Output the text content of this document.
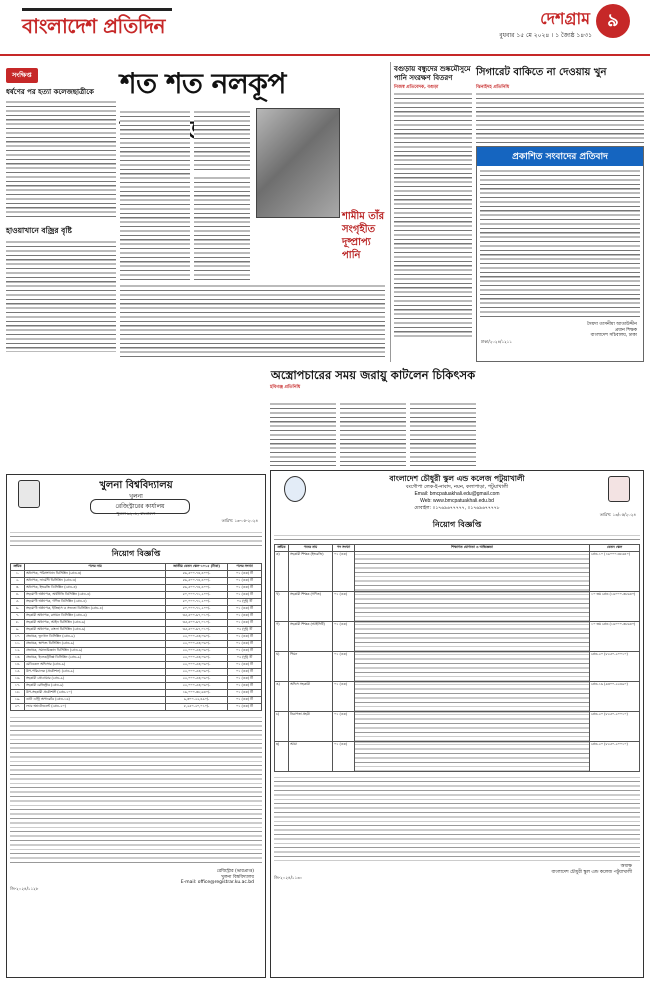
বাংলাদেশ প্রতিদিন	দেশগ্রাম ৯
বুধবার ১৫ মে ২০২৪ । ১ জ্যৈষ্ঠ ১৪৩১
সংক্ষিপ্ত
ধর্ষণের পর হত্যা কলেজছাত্রীকে
হাওয়াখানে বজ্রির বৃষ্টি
শত শত নলকূপ
শামীম তাঁর সংগৃহীত দূষ্প্রাপ্য পানি
বগুড়ায় বন্ধুদের শুষ্কমৌসুমে পানি সংরক্ষণ বিতরণ
নিজস্ব প্রতিবেদক, বগুড়া
সিগারেট বাকিতে না দেওয়ায় খুন
ঝিনাইদহ প্রতিনিধি
প্রকাশিত সংবাদের প্রতিবাদ
সৈয়দা তাসনীমা আতাউদ্দীন
প্রধান শিক্ষক
বাংলাদেশ সচিবালয়, ঢাকা
ঢাকা/২০২৪/১২১১
অস্ত্রোপচারের সময় জরায়ু কাটলেন চিকিৎসক
হবিগঞ্জ প্রতিনিধি
খুলনা বিশ্ববিদ্যালয়
খুলনা
রেজিস্ট্রারের কার্যালয়
খুলনা-৯২০৮, বাংলাদেশ
তারিখ: ১৩-০৫-২০২৪
নিয়োগ বিজ্ঞপ্তি
ক্রমিক	পদের নাম	জাতীয় বেতন স্কেল-২০১৫ (টাকা)	পদের সংখ্যা
১.	অধ্যাপক, পরিসংখ্যান ডিসিপ্লিন (গ্রেড-৩)	৫৬,৫০০-৭৪,৪০০/-	০১ (এক) টি
২.	অধ্যাপক, ফার্মেসী ডিসিপ্লিন (গ্রেড-৩)	৫৬,৫০০-৭৪,৪০০/-	০১ (এক) টি
৩.	অধ্যাপক, ইংরেজি ডিসিপ্লিন (গ্রেড-৩)	৫৬,৫০০-৭৪,৪০০/-	০১ (এক) টি
৪.	সহযোগী অধ্যাপক, অর্থনীতি ডিসিপ্লিন (গ্রেড-৪)	৫০,০০০-৭১,২০০/-	০১ (এক) টি
৫.	সহযোগী অধ্যাপক, গণিত ডিসিপ্লিন (গ্রেড-৪)	৫০,০০০-৭১,২০০/-	০২ (দুই) টি
৬.	সহযোগী অধ্যাপক, ইতিহাস ও সভ্যতা ডিসিপ্লিন (গ্রেড-৪)	৫০,০০০-৭১,২০০/-	০১ (এক) টি
৭.	সহকারী অধ্যাপক, রসায়ন ডিসিপ্লিন (গ্রেড-৬)	৩৫,৫০০-৬৭,০১০/-	০১ (এক) টি
৮.	সহকারী অধ্যাপক, আইন ডিসিপ্লিন (গ্রেড-৬)	৩৫,৫০০-৬৭,০১০/-	০১ (এক) টি
৯.	সহকারী অধ্যাপক, বাংলা ডিসিপ্লিন (গ্রেড-৬)	৩৫,৫০০-৬৭,০১০/-	০২ (দুই) টি
১০.	প্রভাষক, ভূগোল ডিসিপ্লিন (গ্রেড-৯)	২২,০০০-৫৩,০৬০/-	০১ (এক) টি
১১.	প্রভাষক, স্থাপত্য ডিসিপ্লিন (গ্রেড-৯)	২২,০০০-৫৩,০৬০/-	০১ (এক) টি
১২.	প্রভাষক, সমাজবিজ্ঞান ডিসিপ্লিন (গ্রেড-৯)	২২,০০০-৫৩,০৬০/-	০১ (এক) টি
১৩.	প্রভাষক, ইলেকট্রনিক্স ডিসিপ্লিন (গ্রেড-৯)	২২,০০০-৫৩,০৬০/-	০২ (দুই) টি
১৪.	মেডিকেল অফিসার (গ্রেড-৯)	২২,০০০-৫৩,০৬০/-	০১ (এক) টি
১৫.	উপ-পরিচালক (প্রকৌশল) (গ্রেড-৯)	২২,০০০-৫৩,০৬০/-	০১ (এক) টি
১৬.	সহকারী প্রোগ্রামার (গ্রেড-৯)	২২,০০০-৫৩,০৬০/-	০১ (এক) টি
১৭.	সহকারী রেজিস্ট্রার (গ্রেড-৯)	২২,০০০-৫৩,০৬০/-	০১ (এক) টি
১৮.	উপ-সহকারী প্রকৌশলী (গ্রেড-১০)	১৬,০০০-৩৮,৬৪০/-	০১ (এক) টি
১৯.	ডাটা এন্ট্রি অপারেটর (গ্রেড-১৬)	৯,৩০০-২২,৪৯০/-	০১ (এক) টি
২০.	ল্যাব অ্যাটেনডেন্ট (গ্রেড-২০)	৮,২৫০-২০,০১০/-	০১ (এক) টি
রেজিস্ট্রার (ভারপ্রাপ্ত)
খুলনা বিশ্ববিদ্যালয়
E-mail: office@registrar.ku.ac.bd
জি-২০২৪/১১২৮
বাংলাদেশ চৌধুরী স্কুল এন্ড কলেজ পটুয়াখালী
বংগৌপা লেক-ই-নাবাদ, নয়ন, কলাপাড়া, পটুয়াখালী
Email: bmcpatuakhali.edu@gmail.com
Web: www.bmcpatuakhali.edu.bd
মোবাইল: ০১৭৬৯৬৭৭৭৭৭, ০১৭৬৯৬৭৭৭৭৮
তারিখ: ১৩/০৫/২০২৪
নিয়োগ বিজ্ঞপ্তি
ক্রমিক	পদের নাম	পদ সংখ্যা	শিক্ষাগত যোগ্যতা ও অভিজ্ঞতা	বেতন স্কেল
ক)	সহকারী শিক্ষক (ইংরেজি)	০১ (এক)		গ্রেড-১০ (১৬০০০-৩৮৬৪০)
খ)	সহকারী শিক্ষক (গণিত)	০১ (এক)		১০ তম গ্রেড (১৬০০০-৩৮৬৪০)
গ)	সহকারী শিক্ষক (আইসিটি)	০১ (এক)		১০ তম গ্রেড (১৬০০০-৩৮৬৪০)
ঘ)	পিয়ন	০১ (এক)		গ্রেড-২০ (৮২৫০-২০০১০)
ঙ)	অফিস সহকারী	০১ (এক)		গ্রেড-১৬ (৯৩০০-২২৪৯০)
চ)	নিরাপত্তা প্রহরী	০১ (এক)		গ্রেড-২০ (৮২৫০-২০০১০)
ছ)	আয়া	০১ (এক)		গ্রেড-২০ (৮২৫০-২০০১০)
অধ্যক্ষ
বাংলাদেশ চৌধুরী স্কুল এন্ড কলেজ পটুয়াখালী
জি-২০২৪/১১৩০
